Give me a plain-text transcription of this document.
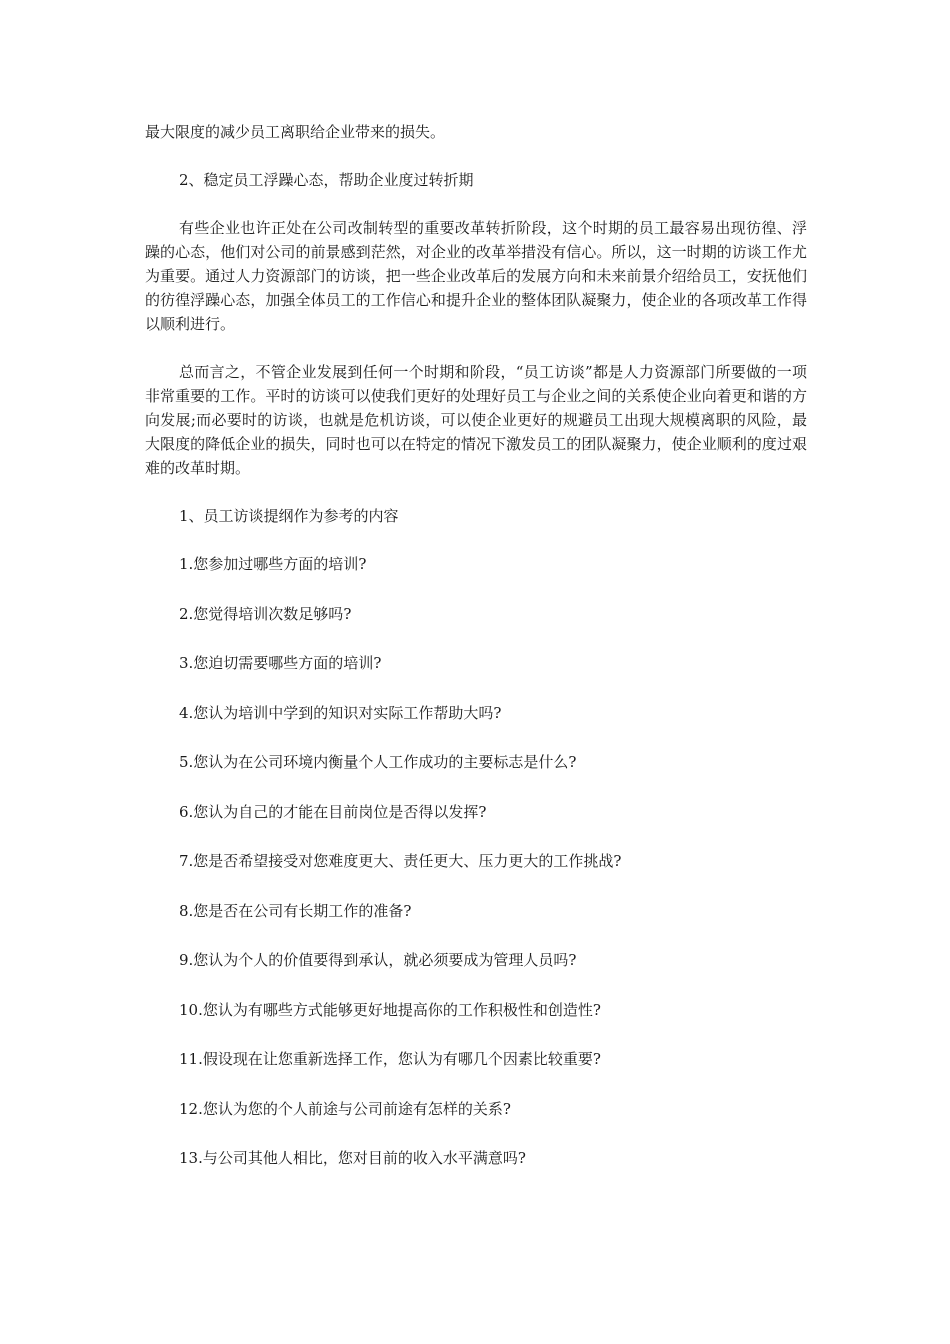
最大限度的减少员工离职给企业带来的损失。

2、稳定员工浮躁心态，帮助企业度过转折期

有些企业也许正处在公司改制转型的重要改革转折阶段，这个时期的员工最容易出现彷徨、浮躁的心态，他们对公司的前景感到茫然，对企业的改革举措没有信心。所以，这一时期的访谈工作尤为重要。通过人力资源部门的访谈，把一些企业改革后的发展方向和未来前景介绍给员工，安抚他们的彷徨浮躁心态，加强全体员工的工作信心和提升企业的整体团队凝聚力，使企业的各项改革工作得以顺利进行。

总而言之，不管企业发展到任何一个时期和阶段，“员工访谈”都是人力资源部门所要做的一项非常重要的工作。平时的访谈可以使我们更好的处理好员工与企业之间的关系使企业向着更和谐的方向发展;而必要时的访谈，也就是危机访谈，可以使企业更好的规避员工出现大规模离职的风险，最大限度的降低企业的损失，同时也可以在特定的情况下激发员工的团队凝聚力，使企业顺利的度过艰难的改革时期。

1、员工访谈提纲作为参考的内容

1.您参加过哪些方面的培训?

2.您觉得培训次数足够吗?

3.您迫切需要哪些方面的培训?

4.您认为培训中学到的知识对实际工作帮助大吗?

5.您认为在公司环境内衡量个人工作成功的主要标志是什么?

6.您认为自己的才能在目前岗位是否得以发挥?

7.您是否希望接受对您难度更大、责任更大、压力更大的工作挑战?

8.您是否在公司有长期工作的准备?

9.您认为个人的价值要得到承认，就必须要成为管理人员吗?

10.您认为有哪些方式能够更好地提高你的工作积极性和创造性?

11.假设现在让您重新选择工作，您认为有哪几个因素比较重要?

12.您认为您的个人前途与公司前途有怎样的关系?

13.与公司其他人相比，您对目前的收入水平满意吗?
